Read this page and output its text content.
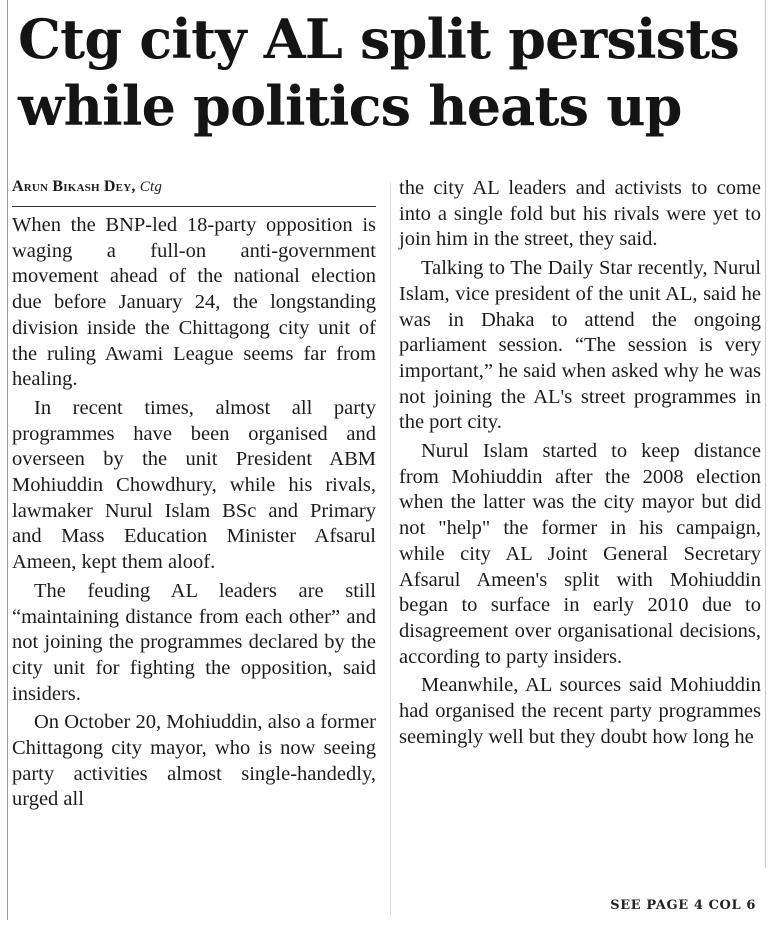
Ctg city AL split persists
while politics heats up
Arun Bikash Dey, Ctg

When the BNP-led 18-party opposition is waging a full-on anti-government movement ahead of the national election due before January 24, the longstanding division inside the Chittagong city unit of the ruling Awami League seems far from healing.

In recent times, almost all party programmes have been organised and overseen by the unit President ABM Mohiuddin Chowdhury, while his rivals, lawmaker Nurul Islam BSc and Primary and Mass Education Minister Afsarul Ameen, kept them aloof.

The feuding AL leaders are still “maintaining distance from each other” and not joining the programmes declared by the city unit for fighting the opposition, said insiders.

On October 20, Mohiuddin, also a former Chittagong city mayor, who is now seeing party activities almost single-handedly, urged all

the city AL leaders and activists to come into a single fold but his rivals were yet to join him in the street, they said.

Talking to The Daily Star recently, Nurul Islam, vice president of the unit AL, said he was in Dhaka to attend the ongoing parliament session. “The session is very important,” he said when asked why he was not joining the AL's street programmes in the port city.

Nurul Islam started to keep distance from Mohiuddin after the 2008 election when the latter was the city mayor but did not "help" the former in his campaign, while city AL Joint General Secretary Afsarul Ameen's split with Mohiuddin began to surface in early 2010 due to disagreement over organisational decisions, according to party insiders.

Meanwhile, AL sources said Mohiuddin had organised the recent party programmes seemingly well but they doubt how long he

SEE PAGE 4 COL 6
